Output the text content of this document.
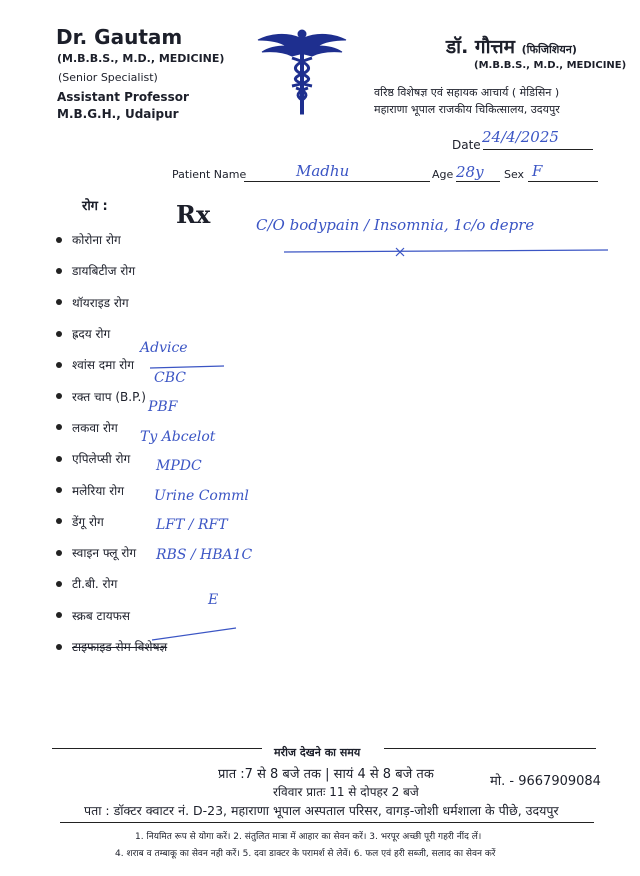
Dr. Gautam
(M.B.B.S., M.D., MEDICINE)
(Senior Specialist)
Assistant Professor
M.B.G.H., Udaipur
डॉ. गौत्तम (फिजिशियन)
(M.B.B.S., M.D., MEDICINE)
वरिष्ठ विशेषज्ञ एवं सहायक आचार्य ( मेडिसिन )
महाराणा भूपाल राजकीय चिकित्सालय, उदयपुर
Date 24/4/2025
Patient Name	Madhu	Age 28y Sex F
रोग :	Rx	C/O bodypain / Insomnia, 1c/o depre
कोरोना रोग
डायबिटीज रोग
थॉयराइड रोग
ह्रदय रोग
श्वांस दमा रोग
रक्त चाप (B.P.)
लकवा रोग
एपिलेप्सी रोग
मलेरिया रोग
डेंगू रोग
स्वाइन फ्लू रोग
टी.बी. रोग
स्क्रब टायफस
टाइफाइड सेम विशेषज्ञ
Advice
CBC
PBF
Ty Abcelot
MPDC
Urine Comml
LFT / RFT
RBS / HBA1C
E
मरीज देखने का समय
प्रात :7 से 8 बजे तक | सायं 4 से 8 बजे तक
रविवार प्रातः 11 से दोपहर 2 बजे
मो. - 9667909084
पता : डॉक्टर क्वाटर नं. D-23, महाराणा भूपाल अस्पताल परिसर, वागड़-जोशी धर्मशाला के पीछे, उदयपुर
1. नियमित रूप से योगा करें। 2. संतुलित मात्रा में आहार का सेवन करें। 3. भरपूर अच्छी पूरी गहरी नींद लें।
4. शराब व तम्बाकू का सेवन नही करें। 5. दवा डाक्टर के परामर्श से लेवें। 6. फल एवं हरी सब्जी, सलाद का सेवन करें
